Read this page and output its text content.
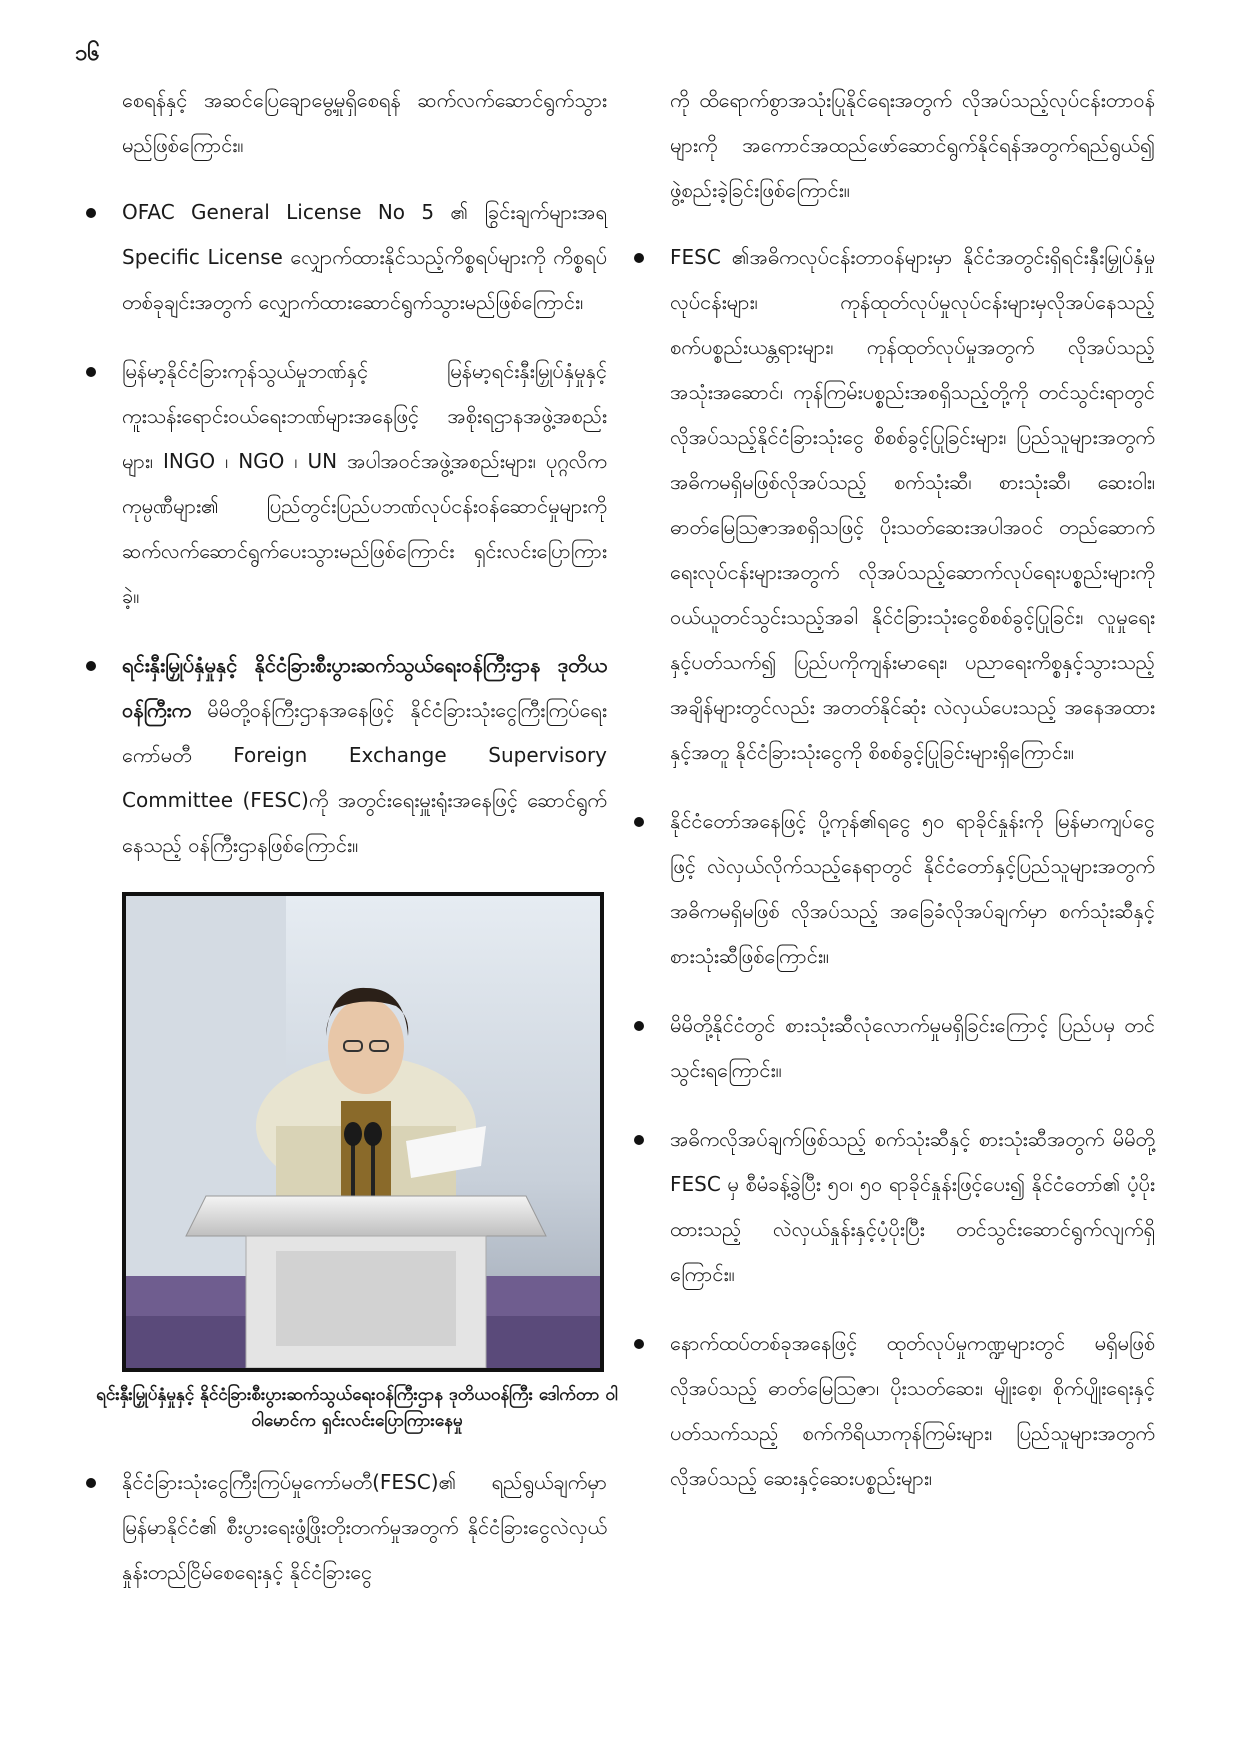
၁၆

စေရန်နှင့် အဆင်ပြေချောမွေ့မှုရှိစေရန် ဆက်လက်ဆောင်ရွက်သွားမည်ဖြစ်ကြောင်း။

OFAC General License No 5 ၏ ခြွင်းချက်များအရ Specific License လျှောက်ထားနိုင်သည့်ကိစ္စရပ်များကို ကိစ္စရပ်တစ်ခုချင်းအတွက် လျှောက်ထားဆောင်ရွက်သွားမည်ဖြစ်ကြောင်း၊
မြန်မာ့နိုင်ငံခြားကုန်သွယ်မှုဘဏ်နှင့် မြန်မာ့ရင်းနှီးမြှုပ်နှံမှုနှင့် ကူးသန်းရောင်းဝယ်ရေးဘဏ်များအနေဖြင့် အစိုးရဌာနအဖွဲ့အစည်းများ၊ INGO ၊ NGO ၊ UN အပါအဝင်အဖွဲ့အစည်းများ၊ ပုဂ္ဂလိကကုမ္ပဏီများ၏ ပြည်တွင်းပြည်ပဘဏ်လုပ်ငန်းဝန်ဆောင်မှုများကို ဆက်လက်ဆောင်ရွက်ပေးသွားမည်ဖြစ်ကြောင်း ရှင်းလင်းပြောကြားခဲ့။
ရင်းနှီးမြှုပ်နှံမှုနှင့် နိုင်ငံခြားစီးပွားဆက်သွယ်ရေးဝန်ကြီးဌာန ဒုတိယဝန်ကြီးက မိမိတို့ဝန်ကြီးဌာနအနေဖြင့် နိုင်ငံခြားသုံးငွေကြီးကြပ်ရေးကော်မတီ Foreign Exchange Supervisory Committee (FESC)ကို အတွင်းရေးမှူးရုံးအနေဖြင့် ဆောင်ရွက်နေသည့် ဝန်ကြီးဌာနဖြစ်ကြောင်း။
ရင်းနှီးမြှုပ်နှံမှုနှင့် နိုင်ငံခြားစီးပွားဆက်သွယ်ရေးဝန်ကြီးဌာန ဒုတိယဝန်ကြီး ဒေါက်တာ ဝါဝါမောင်က ရှင်းလင်းပြောကြားနေမှု
နိုင်ငံခြားသုံးငွေကြီးကြပ်မှုကော်မတီ(FESC)၏ ရည်ရွယ်ချက်မှာ မြန်မာနိုင်ငံ၏ စီးပွားရေးဖွံ့ဖြိုးတိုးတက်မှုအတွက် နိုင်ငံခြားငွေလဲလှယ်နှုန်းတည်ငြိမ်စေရေးနှင့် နိုင်ငံခြားငွေ

ကို ထိရောက်စွာအသုံးပြုနိုင်ရေးအတွက် လိုအပ်သည့်လုပ်ငန်းတာဝန်များကို အကောင်အထည်ဖော်ဆောင်ရွက်နိုင်ရန်အတွက်ရည်ရွယ်၍ ဖွဲ့စည်းခဲ့ခြင်းဖြစ်ကြောင်း။

FESC ၏အဓိကလုပ်ငန်းတာဝန်များမှာ နိုင်ငံအတွင်းရှိရင်းနှီးမြှုပ်နှံမှုလုပ်ငန်းများ၊ ကုန်ထုတ်လုပ်မှုလုပ်ငန်းများမှလိုအပ်နေသည့် စက်ပစ္စည်းယန္တရားများ၊ ကုန်ထုတ်လုပ်မှုအတွက် လိုအပ်သည့်အသုံးအဆောင်၊ ကုန်ကြမ်းပစ္စည်းအစရှိသည့်တို့ကို တင်သွင်းရာတွင် လိုအပ်သည့်နိုင်ငံခြားသုံးငွေ စိစစ်ခွင့်ပြုခြင်းများ၊ ပြည်သူများအတွက် အဓိကမရှိမဖြစ်လိုအပ်သည့် စက်သုံးဆီ၊ စားသုံးဆီ၊ ဆေးဝါး၊ ဓာတ်မြေဩဇာအစရှိသဖြင့် ပိုးသတ်ဆေးအပါအဝင် တည်ဆောက်ရေးလုပ်ငန်းများအတွက် လိုအပ်သည့်ဆောက်လုပ်ရေးပစ္စည်းများကို ဝယ်ယူတင်သွင်းသည့်အခါ နိုင်ငံခြားသုံးငွေစိစစ်ခွင့်ပြုခြင်း၊ လူမှုရေးနှင့်ပတ်သက်၍ ပြည်ပကိုကျန်းမာရေး၊ ပညာရေးကိစ္စနှင့်သွားသည့်အချိန်များတွင်လည်း အတတ်နိုင်ဆုံး လဲလှယ်ပေးသည့် အနေအထားနှင့်အတူ နိုင်ငံခြားသုံးငွေကို စိစစ်ခွင့်ပြုခြင်းများရှိကြောင်း။
နိုင်ငံတော်အနေဖြင့် ပို့ကုန်၏ရငွေ ၅၀ ရာခိုင်နှုန်းကို မြန်မာကျပ်ငွေဖြင့် လဲလှယ်လိုက်သည့်နေရာတွင် နိုင်ငံတော်နှင့်ပြည်သူများအတွက် အဓိကမရှိမဖြစ် လိုအပ်သည့် အခြေခံလိုအပ်ချက်မှာ စက်သုံးဆီနှင့် စားသုံးဆီဖြစ်ကြောင်း။
မိမိတို့နိုင်ငံတွင် စားသုံးဆီလုံလောက်မှုမရှိခြင်းကြောင့် ပြည်ပမှ တင်သွင်းရကြောင်း။
အဓိကလိုအပ်ချက်ဖြစ်သည့် စက်သုံးဆီနှင့် စားသုံးဆီအတွက် မိမိတို့ FESC မှ စီမံခန့်ခွဲပြီး ၅၀၊ ၅၀ ရာခိုင်နှုန်းဖြင့်ပေး၍ နိုင်ငံတော်၏ ပံ့ပိုးထားသည့် လဲလှယ်နှုန်းနှင့်ပံ့ပိုးပြီး တင်သွင်းဆောင်ရွက်လျက်ရှိကြောင်း။
နောက်ထပ်တစ်ခုအနေဖြင့် ထုတ်လုပ်မှုကဏ္ဍများတွင် မရှိမဖြစ်လိုအပ်သည့် ဓာတ်မြေဩဇာ၊ ပိုးသတ်ဆေး၊ မျိုးစေ့၊ စိုက်ပျိုးရေးနှင့်ပတ်သက်သည့် စက်ကိရိယာကုန်ကြမ်းများ၊ ပြည်သူများအတွက် လိုအပ်သည့် ဆေးနှင့်ဆေးပစ္စည်းများ၊
